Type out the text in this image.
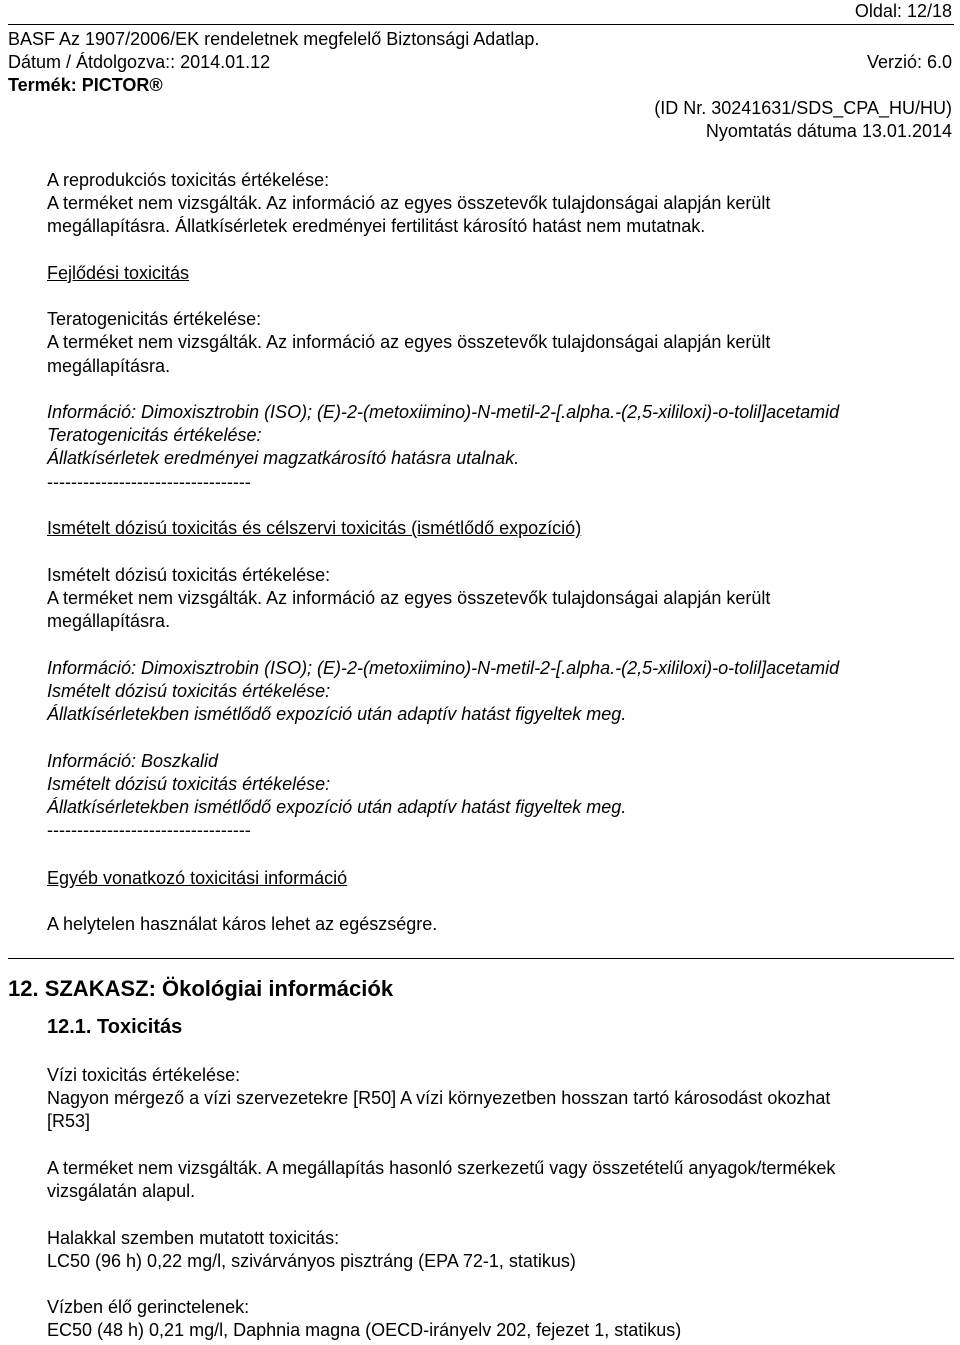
Oldal: 12/18
BASF Az 1907/2006/EK rendeletnek megfelelő Biztonsági Adatlap.
Dátum / Átdolgozva:: 2014.01.12	Verzió: 6.0
Termék: PICTOR®
(ID Nr. 30241631/SDS_CPA_HU/HU)
Nyomtatás dátuma 13.01.2014
A reprodukciós toxicitás értékelése:
A terméket nem vizsgálták. Az információ az egyes összetevők tulajdonságai alapján került
megállapításra. Állatkísérletek eredményei fertilitást károsító hatást nem mutatnak.
Fejlődési toxicitás
Teratogenicitás értékelése:
A terméket nem vizsgálták. Az információ az egyes összetevők tulajdonságai alapján került
megállapításra.
Információ: Dimoxisztrobin (ISO); (E)-2-(metoxiimino)-N-metil-2-[.alpha.-(2,5-xililoxi)-o-tolil]acetamid
Teratogenicitás értékelése:
Állatkísérletek eredményei magzatkárosító hatásra utalnak.
----------------------------------
Ismételt dózisú toxicitás és célszervi toxicitás (ismétlődő expozíció)
Ismételt dózisú toxicitás értékelése:
A terméket nem vizsgálták. Az információ az egyes összetevők tulajdonságai alapján került
megállapításra.
Információ: Dimoxisztrobin (ISO); (E)-2-(metoxiimino)-N-metil-2-[.alpha.-(2,5-xililoxi)-o-tolil]acetamid
Ismételt dózisú toxicitás értékelése:
Állatkísérletekben ismétlődő expozíció után adaptív hatást figyeltek meg.
Információ: Boszkalid
Ismételt dózisú toxicitás értékelése:
Állatkísérletekben ismétlődő expozíció után adaptív hatást figyeltek meg.
----------------------------------
Egyéb vonatkozó toxicitási információ
A helytelen használat káros lehet az egészségre.
12. SZAKASZ: Ökológiai információk
12.1. Toxicitás
Vízi toxicitás értékelése:
Nagyon mérgező a vízi szervezetekre [R50] A vízi környezetben hosszan tartó károsodást okozhat
[R53]
A terméket nem vizsgálták. A megállapítás hasonló szerkezetű vagy összetételű anyagok/termékek
vizsgálatán alapul.
Halakkal szemben mutatott toxicitás:
LC50 (96 h) 0,22 mg/l, szivárványos pisztráng (EPA 72-1, statikus)
Vízben élő gerinctelenek:
EC50 (48 h) 0,21 mg/l, Daphnia magna (OECD-irányelv 202, fejezet 1, statikus)
